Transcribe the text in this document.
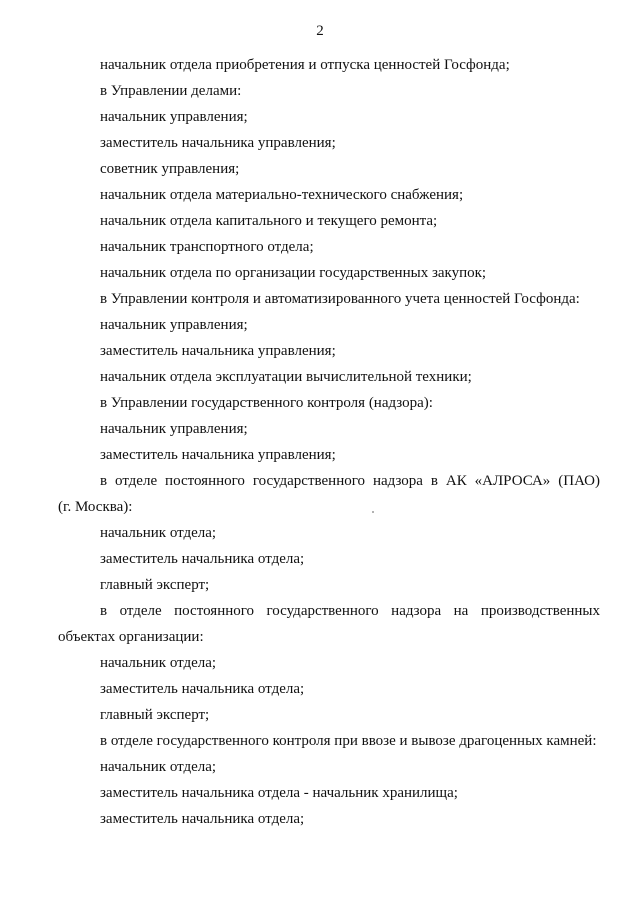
2
начальник отдела приобретения и отпуска ценностей Госфонда;
в Управлении делами:
начальник управления;
заместитель начальника управления;
советник управления;
начальник отдела материально-технического снабжения;
начальник отдела капитального и текущего ремонта;
начальник транспортного отдела;
начальник отдела по организации государственных закупок;
в Управлении контроля и автоматизированного учета ценностей Госфонда:
начальник управления;
заместитель начальника управления;
начальник отдела эксплуатации вычислительной техники;
в Управлении государственного контроля (надзора):
начальник управления;
заместитель начальника управления;
в отделе постоянного государственного надзора в АК «АЛРОСА» (ПАО)
(г. Москва):
начальник отдела;
заместитель начальника отдела;
главный эксперт;
в отделе постоянного государственного надзора на производственных
объектах организации:
начальник отдела;
заместитель начальника отдела;
главный эксперт;
в отделе государственного контроля при ввозе и вывозе драгоценных камней:
начальник отдела;
заместитель начальника отдела - начальник хранилища;
заместитель начальника отдела;
